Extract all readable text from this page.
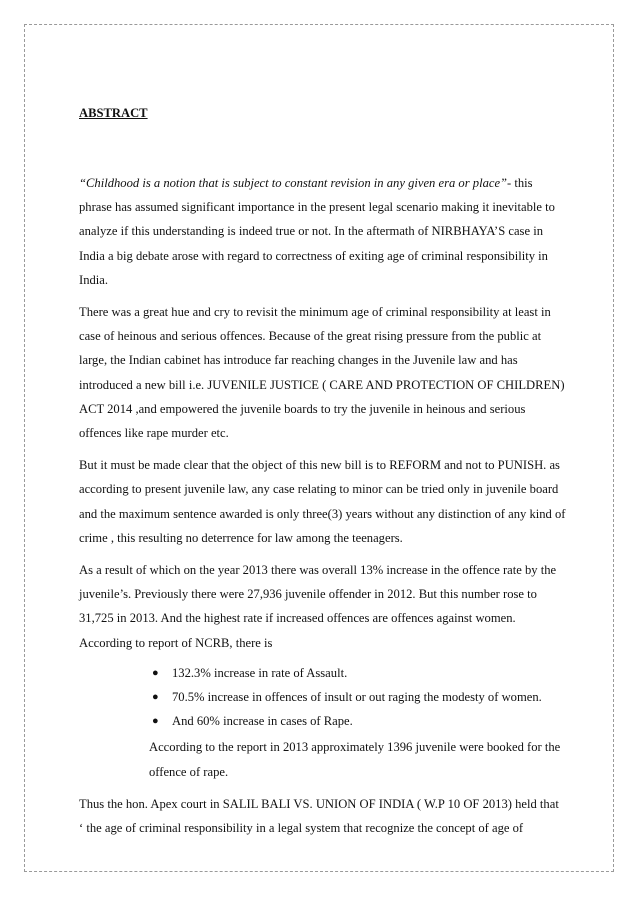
ABSTRACT

“Childhood is a notion that is subject to constant revision in any given era or place”- this phrase has assumed significant importance in the present legal scenario making it inevitable to analyze if this understanding is indeed true or not. In the aftermath of NIRBHAYA’S case in India a big debate arose with regard to correctness of exiting age of criminal responsibility in India.

There was a great hue and cry to revisit the minimum age of criminal responsibility at least in case of heinous and serious offences. Because of the great rising pressure from the public at large, the Indian cabinet has introduce far reaching changes in the Juvenile law and has introduced a new bill i.e. JUVENILE JUSTICE ( CARE AND PROTECTION OF CHILDREN) ACT 2014 ,and empowered the juvenile boards to try the juvenile in heinous and serious offences like rape murder etc.

But it must be made clear that the object of this new bill is to REFORM and not to PUNISH. as according to present juvenile law, any case relating to minor can be tried only in juvenile board and the maximum sentence awarded is only three(3) years without any distinction of any kind of crime , this resulting no deterrence for law among the teenagers.

As a result of which on the year 2013 there was overall 13% increase in the offence rate by the juvenile’s. Previously there were 27,936 juvenile offender in 2012. But this number rose to 31,725 in 2013. And the highest rate if increased offences are offences against women. According to report of NCRB, there is

● 132.3% increase in rate of Assault.
● 70.5% increase in offences of insult or out raging the modesty of women.
● And 60% increase in cases of Rape.

According to the report in 2013 approximately 1396 juvenile were booked for the offence of rape.

Thus the hon. Apex court in SALIL BALI VS. UNION OF INDIA ( W.P 10 OF 2013) held that ‘ the age of criminal responsibility in a legal system that recognize the concept of age of
